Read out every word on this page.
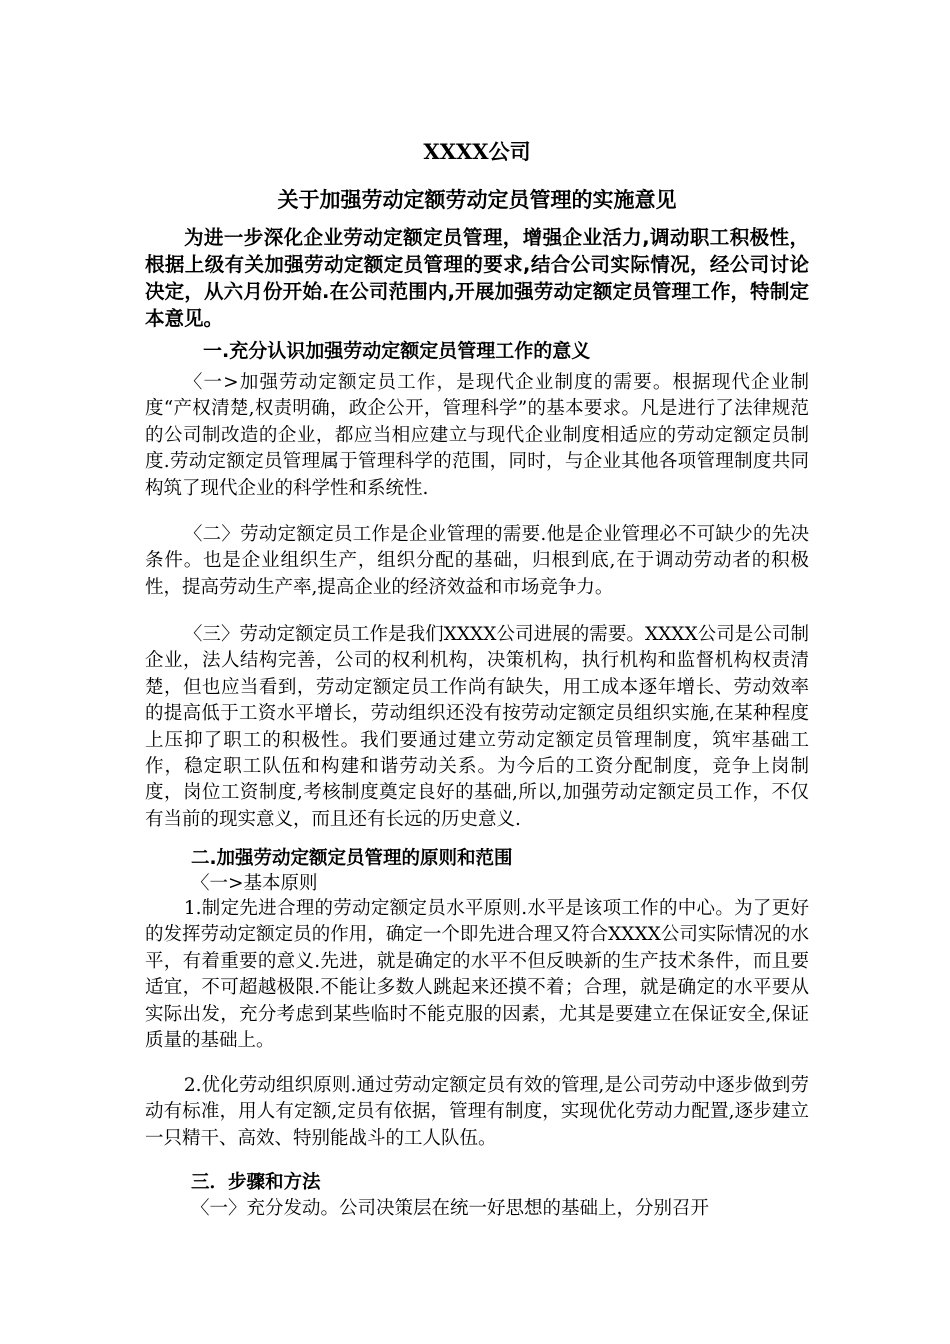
XXXX公司
关于加强劳动定额劳动定员管理的实施意见

为进一步深化企业劳动定额定员管理，增强企业活力,调动职工积极性，根据上级有关加强劳动定额定员管理的要求,结合公司实际情况，经公司讨论决定，从六月份开始.在公司范围内,开展加强劳动定额定员管理工作，特制定本意见。

一.充分认识加强劳动定额定员管理工作的意义

〈一>加强劳动定额定员工作，是现代企业制度的需要。根据现代企业制度“产权清楚,权责明确，政企公开，管理科学”的基本要求。凡是进行了法律规范的公司制改造的企业，都应当相应建立与现代企业制度相适应的劳动定额定员制度.劳动定额定员管理属于管理科学的范围，同时，与企业其他各项管理制度共同构筑了现代企业的科学性和系统性.

〈二〉劳动定额定员工作是企业管理的需要.他是企业管理必不可缺少的先决条件。也是企业组织生产，组织分配的基础，归根到底,在于调动劳动者的积极性，提高劳动生产率,提高企业的经济效益和市场竞争力。

〈三〉劳动定额定员工作是我们XXXX公司进展的需要。XXXX公司是公司制企业，法人结构完善，公司的权利机构，决策机构，执行机构和监督机构权责清楚，但也应当看到，劳动定额定员工作尚有缺失，用工成本逐年增长、劳动效率的提高低于工资水平增长，劳动组织还没有按劳动定额定员组织实施,在某种程度上压抑了职工的积极性。我们要通过建立劳动定额定员管理制度，筑牢基础工作，稳定职工队伍和构建和谐劳动关系。为今后的工资分配制度，竞争上岗制度，岗位工资制度,考核制度奠定良好的基础,所以,加强劳动定额定员工作，不仅有当前的现实意义，而且还有长远的历史意义.

二.加强劳动定额定员管理的原则和范围

〈一>基本原则

1.制定先进合理的劳动定额定员水平原则.水平是该项工作的中心。为了更好的发挥劳动定额定员的作用，确定一个即先进合理又符合XXXX公司实际情况的水平，有着重要的意义.先进，就是确定的水平不但反映新的生产技术条件，而且要适宜，不可超越极限.不能让多数人跳起来还摸不着；合理，就是确定的水平要从实际出发，充分考虑到某些临时不能克服的因素，尤其是要建立在保证安全,保证质量的基础上。

2.优化劳动组织原则.通过劳动定额定员有效的管理,是公司劳动中逐步做到劳动有标准，用人有定额,定员有依据，管理有制度，实现优化劳动力配置,逐步建立一只精干、高效、特别能战斗的工人队伍。

三．步骤和方法

〈一〉充分发动。公司决策层在统一好思想的基础上，分别召开
